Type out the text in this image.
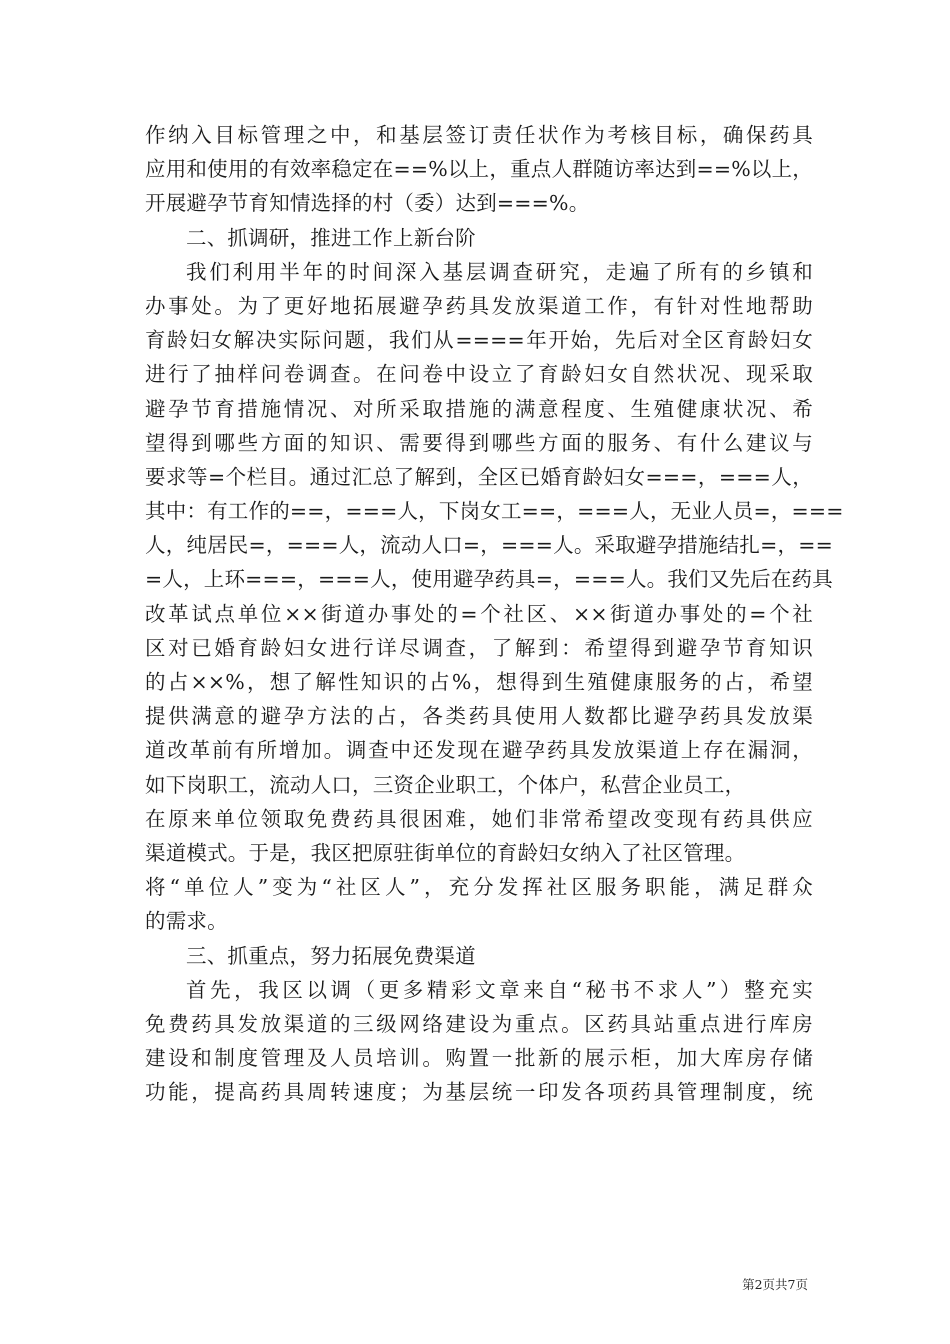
作纳入目标管理之中，和基层签订责任状作为考核目标，确保药具
应用和使用的有效率稳定在==%以上，重点人群随访率达到==%以上，
开展避孕节育知情选择的村（委）达到===%。
二、抓调研，推进工作上新台阶
我们利用半年的时间深入基层调查研究，走遍了所有的乡镇和
办事处。为了更好地拓展避孕药具发放渠道工作，有针对性地帮助
育龄妇女解决实际问题，我们从====年开始，先后对全区育龄妇女
进行了抽样问卷调查。在问卷中设立了育龄妇女自然状况、现采取
避孕节育措施情况、对所采取措施的满意程度、生殖健康状况、希
望得到哪些方面的知识、需要得到哪些方面的服务、有什么建议与
要求等=个栏目。通过汇总了解到，全区已婚育龄妇女===，===人，
其中：有工作的==，===人，下岗女工==，===人，无业人员=，===
人，纯居民=，===人，流动人口=，===人。采取避孕措施结扎=，==
=人，上环===，===人，使用避孕药具=，===人。我们又先后在药具
改革试点单位××街道办事处的=个社区、××街道办事处的=个社
区对已婚育龄妇女进行详尽调查，了解到：希望得到避孕节育知识
的占××%，想了解性知识的占%，想得到生殖健康服务的占，希望
提供满意的避孕方法的占，各类药具使用人数都比避孕药具发放渠
道改革前有所增加。调查中还发现在避孕药具发放渠道上存在漏洞，
如下岗职工，流动人口，三资企业职工，个体户，私营企业员工，
在原来单位领取免费药具很困难，她们非常希望改变现有药具供应
渠道模式。于是，我区把原驻街单位的育龄妇女纳入了社区管理。
将“单位人”变为“社区人”，充分发挥社区服务职能，满足群众
的需求。
三、抓重点，努力拓展免费渠道
首先，我区以调（更多精彩文章来自“秘书不求人”）整充实
免费药具发放渠道的三级网络建设为重点。区药具站重点进行库房
建设和制度管理及人员培训。购置一批新的展示柜，加大库房存储
功能，提高药具周转速度；为基层统一印发各项药具管理制度，统
第2页共7页
